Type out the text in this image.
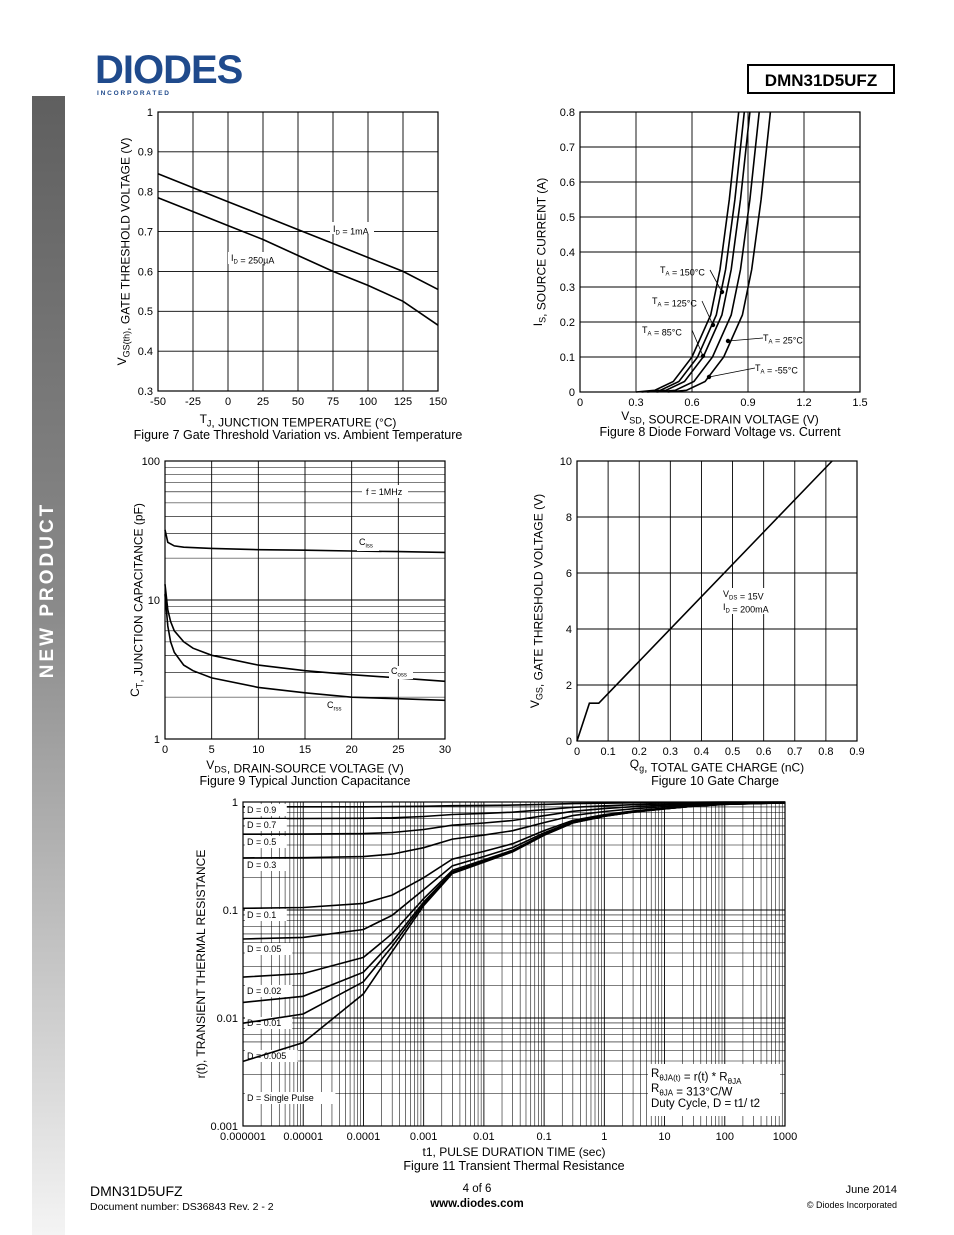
NEW PRODUCT
DIODES
I N C O R P O R A T E D
DMN31D5UFZ
-50 -25 0 25 50 75 100 125 150
0.3
0.4
0.5
0.6
0.7
0.8
0.9
1
$T_J$, JUNCTION TEMPERATURE (°C)
$V_{GS(th)}$, GATE THRESHOLD VOLTAGE (V)
Figure 7 Gate Threshold Variation vs. Ambient Temperature
$I_D = 1mA$
$I_D = 250\mu A$
0	0.3	0.6	0.9	1.2	1.5
0
0.1
0.2
0.3
0.4
0.5
0.6
0.7
0.8
$V_{SD}$, SOURCE-DRAIN VOLTAGE (V)
$I_S$, SOURCE CURRENT (A)
Figure 8 Diode Forward Voltage vs. Current
$T_A = 150^\circ C$
$T_A = 125^\circ C$
$T_A = 85^\circ C$
$T_A = 25^\circ C$
$T_A = -55^\circ C$
0	5	10	15	20	25	30
1
10
100
$V_{DS}$, DRAIN-SOURCE VOLTAGE (V)
$C_T$, JUNCTION CAPACITANCE (pF)
Figure 9 Typical Junction Capacitance
f = 1MHz
$C_{iss}$
$C_{oss}$
$C_{rss}$
0 0.1 0.2 0.3 0.4 0.5 0.6 0.7 0.8 0.9
0
2
4
6
8
10
$Q_g$, TOTAL GATE CHARGE (nC)
$V_{GS}$, GATE THRESHOLD VOLTAGE (V)
Figure 10 Gate Charge
$V_{DS} = 15V$
$I_D = 200mA$
0.000001 0.00001 0.0001	0.001	0.01	0.1	1	10	100	1000
0.001
0.01
0.1
1
t1, PULSE DURATION TIME (sec)
r(t), TRANSIENT THERMAL RESISTANCE
Figure 11 Transient Thermal Resistance
D = 0.9
D = 0.7
D = 0.5
D = 0.3
D = 0.1
D = 0.05
D = 0.02
D = 0.01
D = 0.005
D = Single Pulse
$R_{\theta JA(t)} = r(t) * R_{\theta JA}$
$R_{\theta JA} = 313^\circ C/W$
Duty Cycle, D = t1/ t2
DMN31D5UFZ
Document number: DS36843 Rev. 2 - 2
4 of 6
www.diodes.com
June 2014
© Diodes Incorporated
